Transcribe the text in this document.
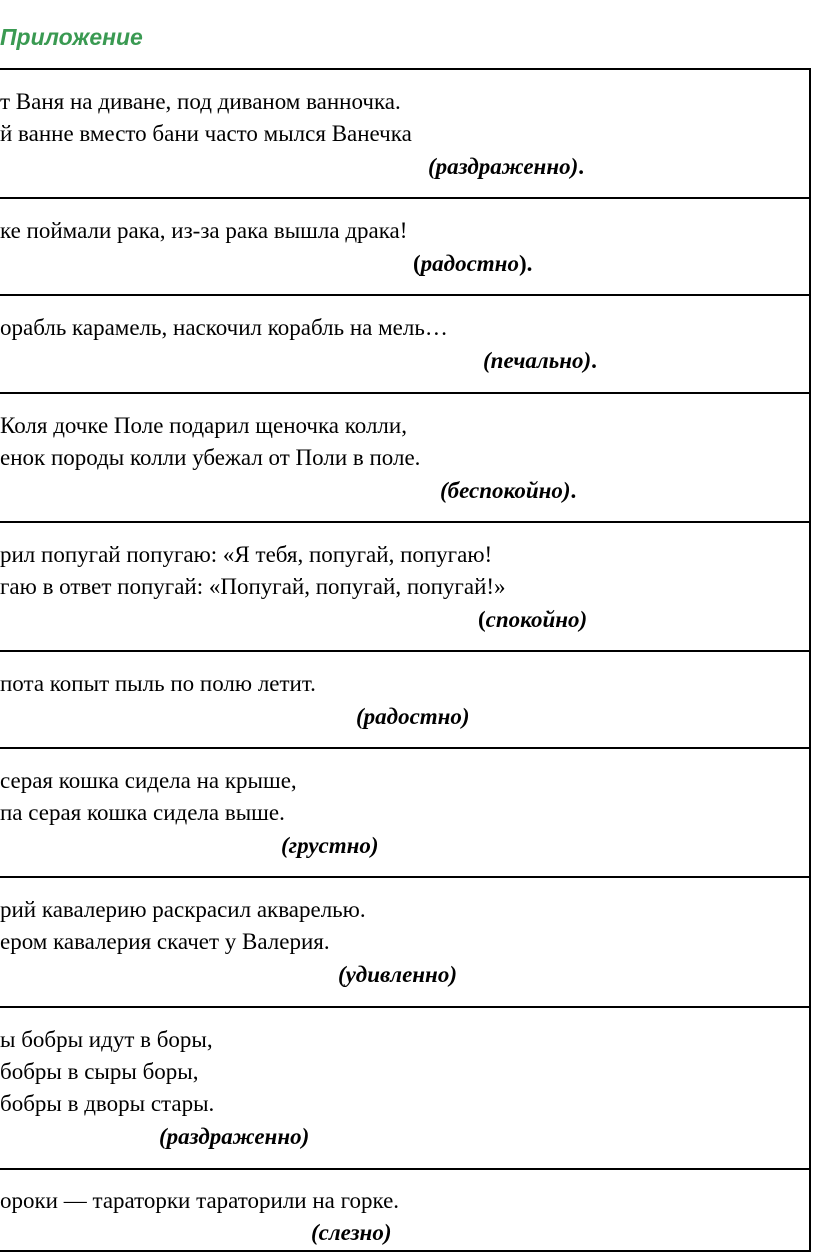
Приложение
т Ваня на диване, под диваном ванночка.
й ванне вместо бани часто мылся Ванечка
(раздраженно).
ке поймали рака, из-за рака вышла драка!
(радостно).
орабль карамель, наскочил корабль на мель…
(печально).
Коля дочке Поле подарил щеночка колли,
енок породы колли убежал от Поли в поле.
(беспокойно).
рил попугай попугаю: «Я тебя, попугай, попугаю!
гаю в ответ попугай: «Попугай, попугай, попугай!»
(спокойно)
пота копыт пыль по полю летит.
(радостно)
серая кошка сидела на крыше,
па серая кошка сидела выше.
(грустно)
рий кавалерию раскрасил акварелью.
ером кавалерия скачет у Валерия.
(удивленно)
ы бобры идут в боры,
бобры в сыры боры,
бобры в дворы стары.
(раздраженно)
ороки — тараторки тараторили на горке.
(слезно)
